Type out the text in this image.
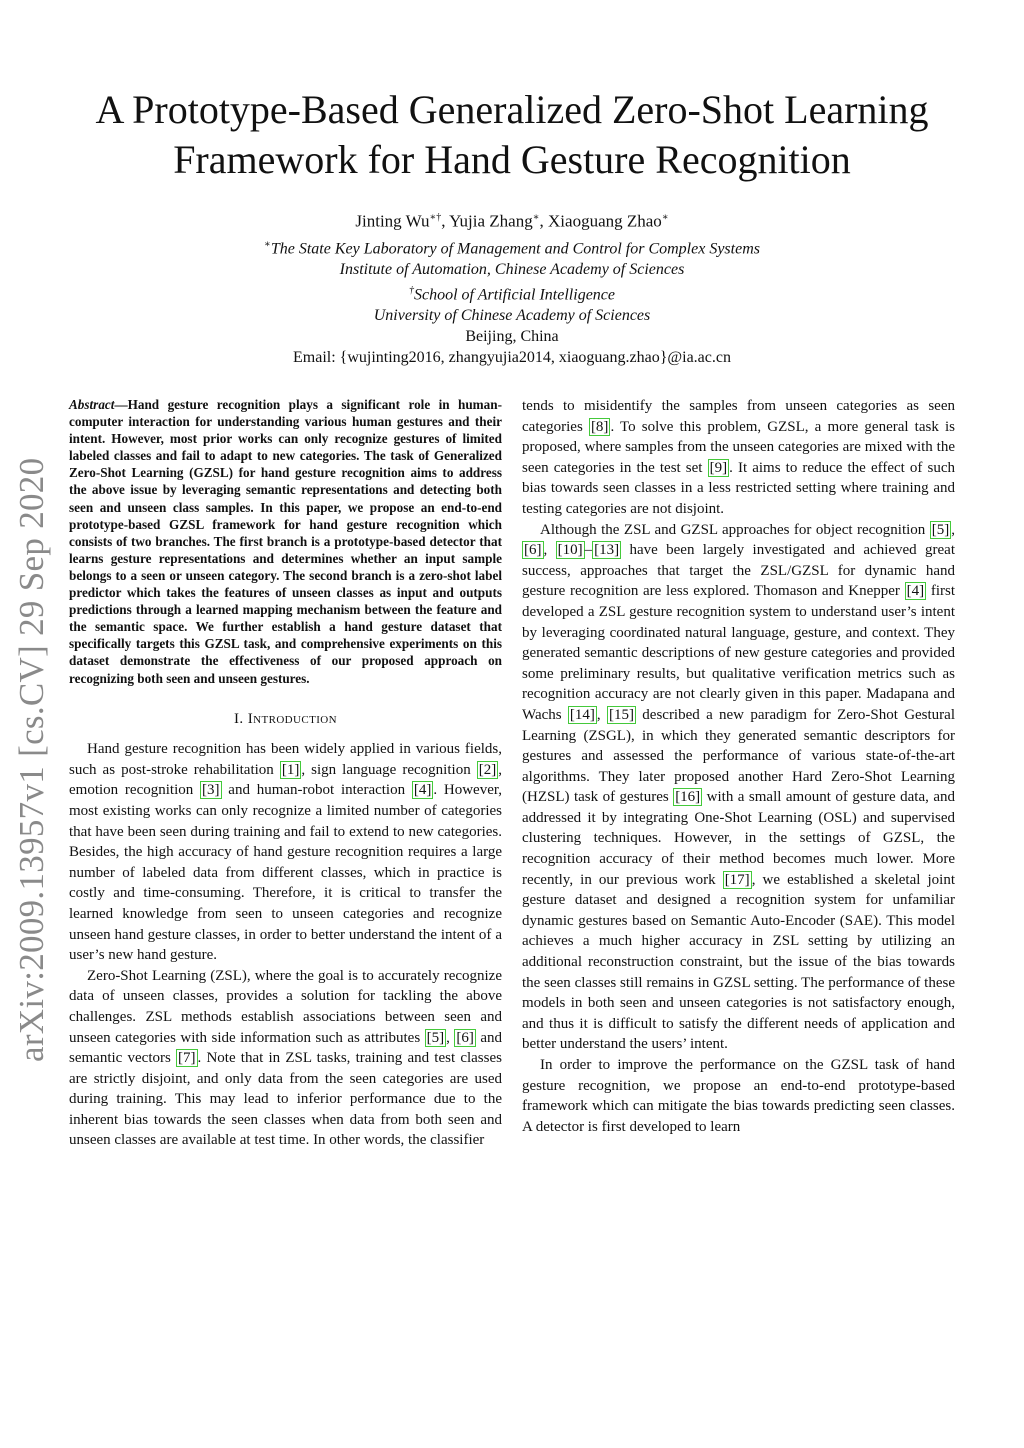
arXiv:2009.13957v1 [cs.CV] 29 Sep 2020
A Prototype-Based Generalized Zero-Shot Learning
Framework for Hand Gesture Recognition
Jinting Wu∗†, Yujia Zhang∗, Xiaoguang Zhao∗
∗The State Key Laboratory of Management and Control for Complex Systems
Institute of Automation, Chinese Academy of Sciences
†School of Artificial Intelligence
University of Chinese Academy of Sciences
Beijing, China
Email: {wujinting2016, zhangyujia2014, xiaoguang.zhao}@ia.ac.cn

Abstract—Hand gesture recognition plays a significant role in human-computer interaction for understanding various human gestures and their intent. However, most prior works can only recognize gestures of limited labeled classes and fail to adapt to new categories. The task of Generalized Zero-Shot Learning (GZSL) for hand gesture recognition aims to address the above issue by leveraging semantic representations and detecting both seen and unseen class samples. In this paper, we propose an end-to-end prototype-based GZSL framework for hand gesture recognition which consists of two branches. The first branch is a prototype-based detector that learns gesture representations and determines whether an input sample belongs to a seen or unseen category. The second branch is a zero-shot label predictor which takes the features of unseen classes as input and outputs predictions through a learned mapping mechanism between the feature and the semantic space. We further establish a hand gesture dataset that specifically targets this GZSL task, and comprehensive experiments on this dataset demonstrate the effectiveness of our proposed approach on recognizing both seen and unseen gestures.

I. Introduction

Hand gesture recognition has been widely applied in various fields, such as post-stroke rehabilitation [1] , sign language recognition [2] , emotion recognition [3] and human-robot interaction [4] . However, most existing works can only recognize a limited number of categories that have been seen during training and fail to extend to new categories. Besides, the high accuracy of hand gesture recognition requires a large number of labeled data from different classes, which in practice is costly and time-consuming. Therefore, it is critical to transfer the learned knowledge from seen to unseen categories and recognize unseen hand gesture classes, in order to better understand the intent of a user’s new hand gesture.

Zero-Shot Learning (ZSL), where the goal is to accurately recognize data of unseen classes, provides a solution for tackling the above challenges. ZSL methods establish associations between seen and unseen categories with side information such as attributes [5] , [6] and semantic vectors [7] . Note that in ZSL tasks, training and test classes are strictly disjoint, and only data from the seen categories are used during training. This may lead to inferior performance due to the inherent bias towards the seen classes when data from both seen and unseen classes are available at test time. In other words, the classifier

tends to misidentify the samples from unseen categories as seen categories [8] . To solve this problem, GZSL, a more general task is proposed, where samples from the unseen categories are mixed with the seen categories in the test set [9] . It aims to reduce the effect of such bias towards seen classes in a less restricted setting where training and testing categories are not disjoint.

Although the ZSL and GZSL approaches for object recognition [5] , [6] , [10] – [13] have been largely investigated and achieved great success, approaches that target the ZSL/GZSL for dynamic hand gesture recognition are less explored. Thomason and Knepper [4] first developed a ZSL gesture recognition system to understand user’s intent by leveraging coordinated natural language, gesture, and context. They generated semantic descriptions of new gesture categories and provided some preliminary results, but qualitative verification metrics such as recognition accuracy are not clearly given in this paper. Madapana and Wachs [14] , [15] described a new paradigm for Zero-Shot Gestural Learning (ZSGL), in which they generated semantic descriptors for gestures and assessed the performance of various state-of-the-art algorithms. They later proposed another Hard Zero-Shot Learning (HZSL) task of gestures [16] with a small amount of gesture data, and addressed it by integrating One-Shot Learning (OSL) and supervised clustering techniques. However, in the settings of GZSL, the recognition accuracy of their method becomes much lower. More recently, in our previous work [17] , we established a skeletal joint gesture dataset and designed a recognition system for unfamiliar dynamic gestures based on Semantic Auto-Encoder (SAE). This model achieves a much higher accuracy in ZSL setting by utilizing an additional reconstruction constraint, but the issue of the bias towards the seen classes still remains in GZSL setting. The performance of these models in both seen and unseen categories is not satisfactory enough, and thus it is difficult to satisfy the different needs of application and better understand the users’ intent.

In order to improve the performance on the GZSL task of hand gesture recognition, we propose an end-to-end prototype-based framework which can mitigate the bias towards predicting seen classes. A detector is first developed to learn
